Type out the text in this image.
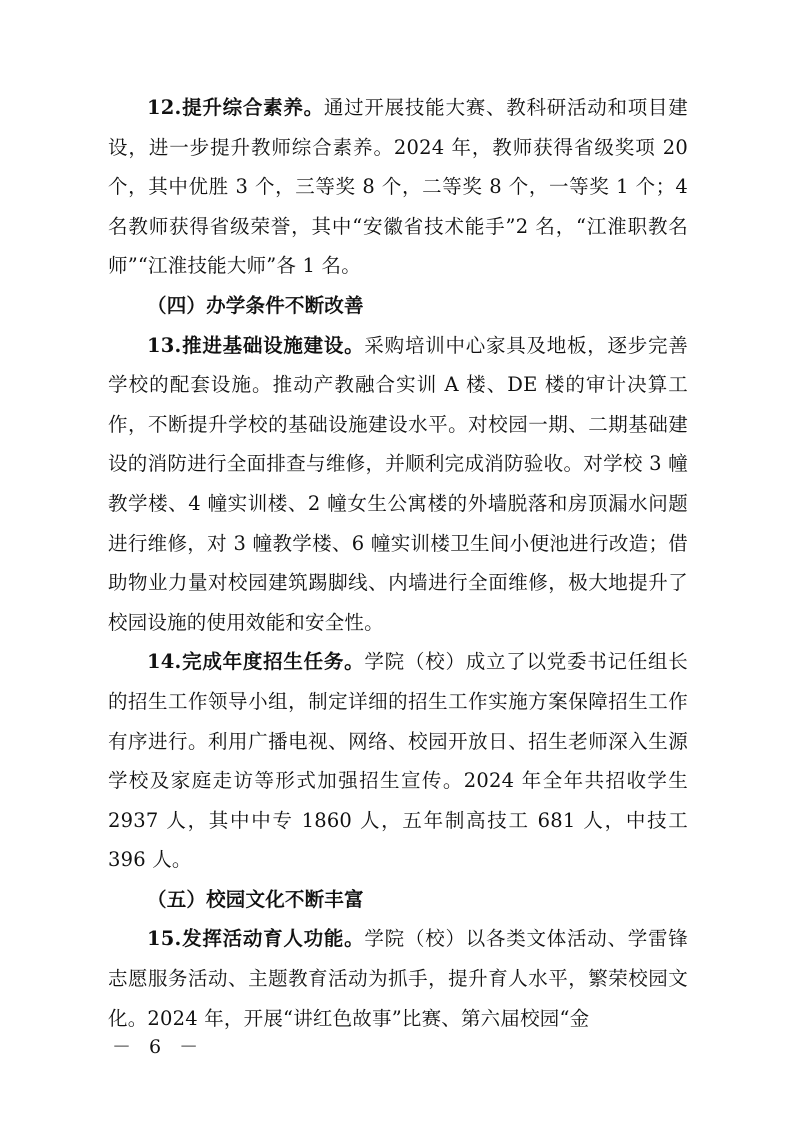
12.提升综合素养。通过开展技能大赛、教科研活动和项目建设，进一步提升教师综合素养。2024 年，教师获得省级奖项 20 个，其中优胜 3 个，三等奖 8 个，二等奖 8 个，一等奖 1 个；4 名教师获得省级荣誉，其中“安徽省技术能手”2 名，“江淮职教名师”“江淮技能大师”各 1 名。

（四）办学条件不断改善

13.推进基础设施建设。采购培训中心家具及地板，逐步完善学校的配套设施。推动产教融合实训 A 楼、DE 楼的审计决算工作，不断提升学校的基础设施建设水平。对校园一期、二期基础建设的消防进行全面排查与维修，并顺利完成消防验收。对学校 3 幢教学楼、4 幢实训楼、2 幢女生公寓楼的外墙脱落和房顶漏水问题进行维修，对 3 幢教学楼、6 幢实训楼卫生间小便池进行改造；借助物业力量对校园建筑踢脚线、内墙进行全面维修，极大地提升了校园设施的使用效能和安全性。

14.完成年度招生任务。学院（校）成立了以党委书记任组长的招生工作领导小组，制定详细的招生工作实施方案保障招生工作有序进行。利用广播电视、网络、校园开放日、招生老师深入生源学校及家庭走访等形式加强招生宣传。2024 年全年共招收学生 2937 人，其中中专 1860 人，五年制高技工 681 人，中技工 396 人。

（五）校园文化不断丰富

15.发挥活动育人功能。学院（校）以各类文体活动、学雷锋志愿服务活动、主题教育活动为抓手，提升育人水平，繁荣校园文化。2024 年，开展“讲红色故事”比赛、第六届校园“金

－ 6 －
